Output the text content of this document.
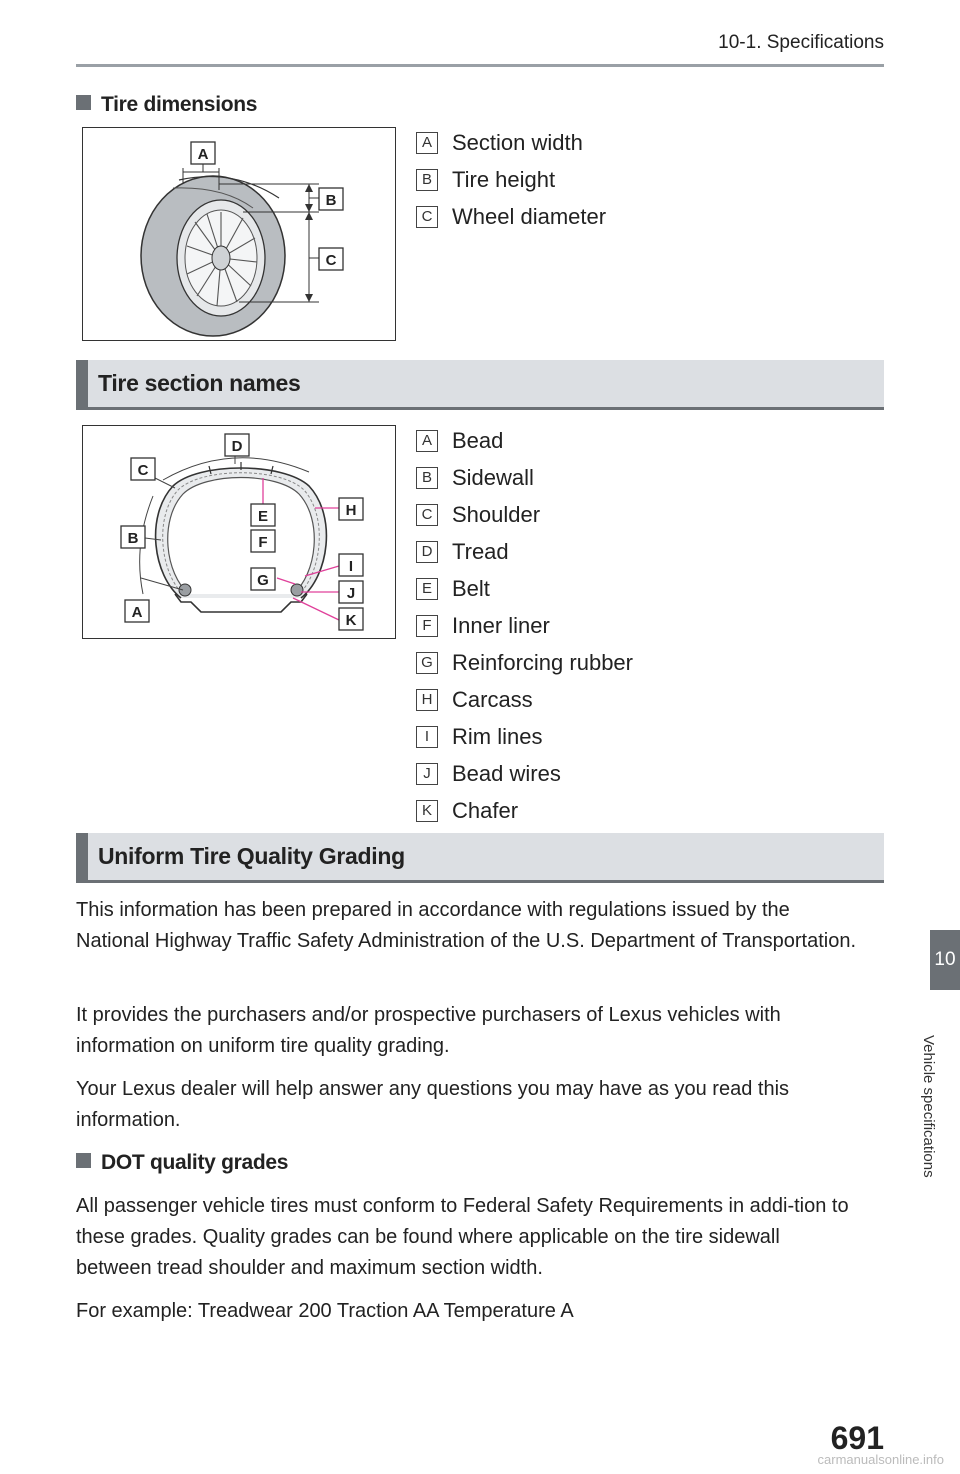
10-1. Specifications
Tire dimensions
A
B
C
A Section width
B Tire height
C Wheel diameter
Tire section names
A
B
C
D
E
F
G
H
I
J
K
A Bead
B Sidewall
C Shoulder
D Tread
E Belt
F Inner liner
G Reinforcing rubber
H Carcass
I	Rim lines
J Bead wires
K Chafer
Uniform Tire Quality Grading
This information has been prepared in accordance with regulations issued by the National Highway Traffic Safety Administration of the U.S. Department of Transportation.
It provides the purchasers and/or prospective purchasers of Lexus vehicles with information on uniform tire quality grading.
Your Lexus dealer will help answer any questions you may have as you read this information.
DOT quality grades
All passenger vehicle tires must conform to Federal Safety Requirements in addi-tion to these grades. Quality grades can be found where applicable on the tire sidewall between tread shoulder and maximum section width.
For example: Treadwear 200 Traction AA Temperature A
10
Vehicle specifications
691
carmanualsonline.info
